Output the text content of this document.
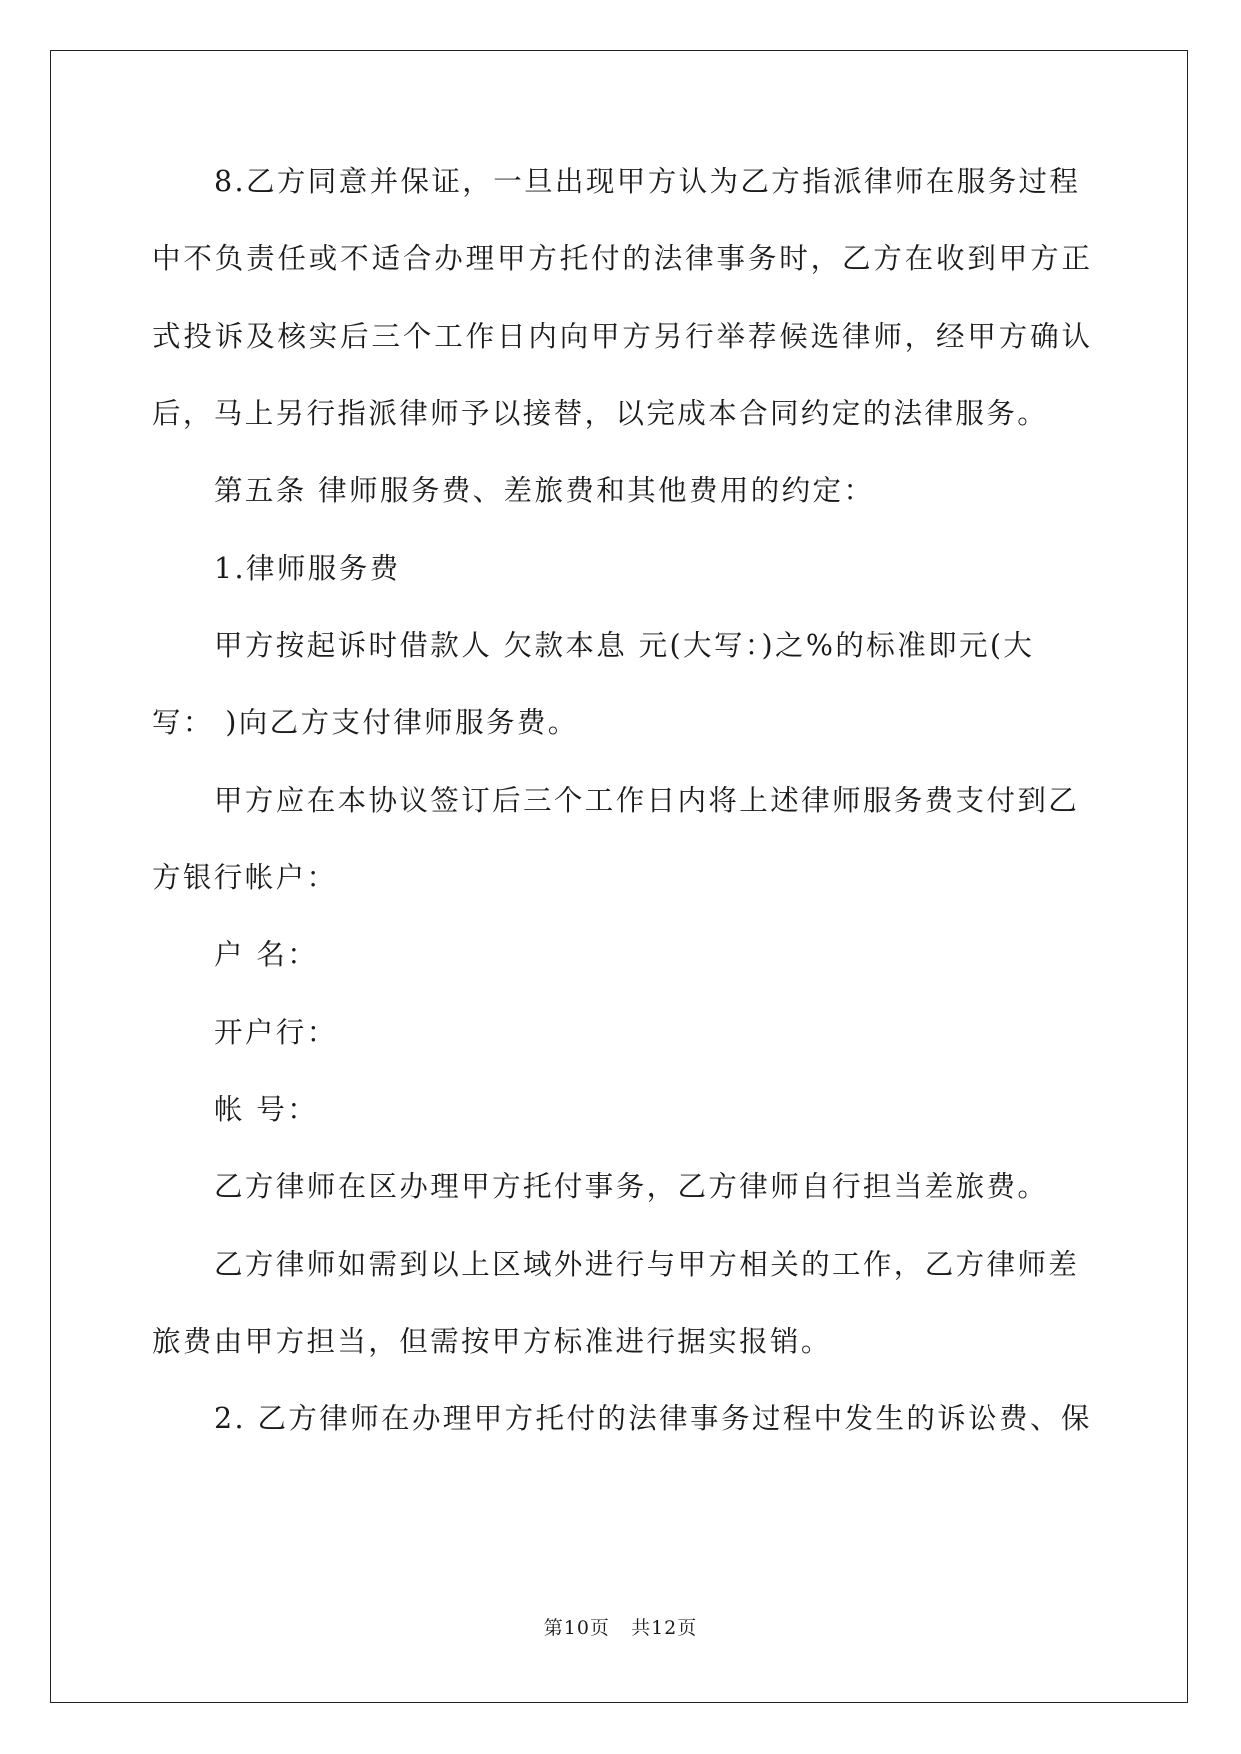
8.乙方同意并保证，一旦出现甲方认为乙方指派律师在服务过程
中不负责任或不适合办理甲方托付的法律事务时，乙方在收到甲方正
式投诉及核实后三个工作日内向甲方另行举荐候选律师，经甲方确认
后，马上另行指派律师予以接替，以完成本合同约定的法律服务。
第五条 律师服务费、差旅费和其他费用的约定：
1.律师服务费
甲方按起诉时借款人 欠款本息 元(大写：)之%的标准即元(大
写： )向乙方支付律师服务费。
甲方应在本协议签订后三个工作日内将上述律师服务费支付到乙
方银行帐户：
户 名：
开户行：
帐 号：
乙方律师在区办理甲方托付事务，乙方律师自行担当差旅费。
乙方律师如需到以上区域外进行与甲方相关的工作，乙方律师差
旅费由甲方担当，但需按甲方标准进行据实报销。
2. 乙方律师在办理甲方托付的法律事务过程中发生的诉讼费、保
第10页 共12页
